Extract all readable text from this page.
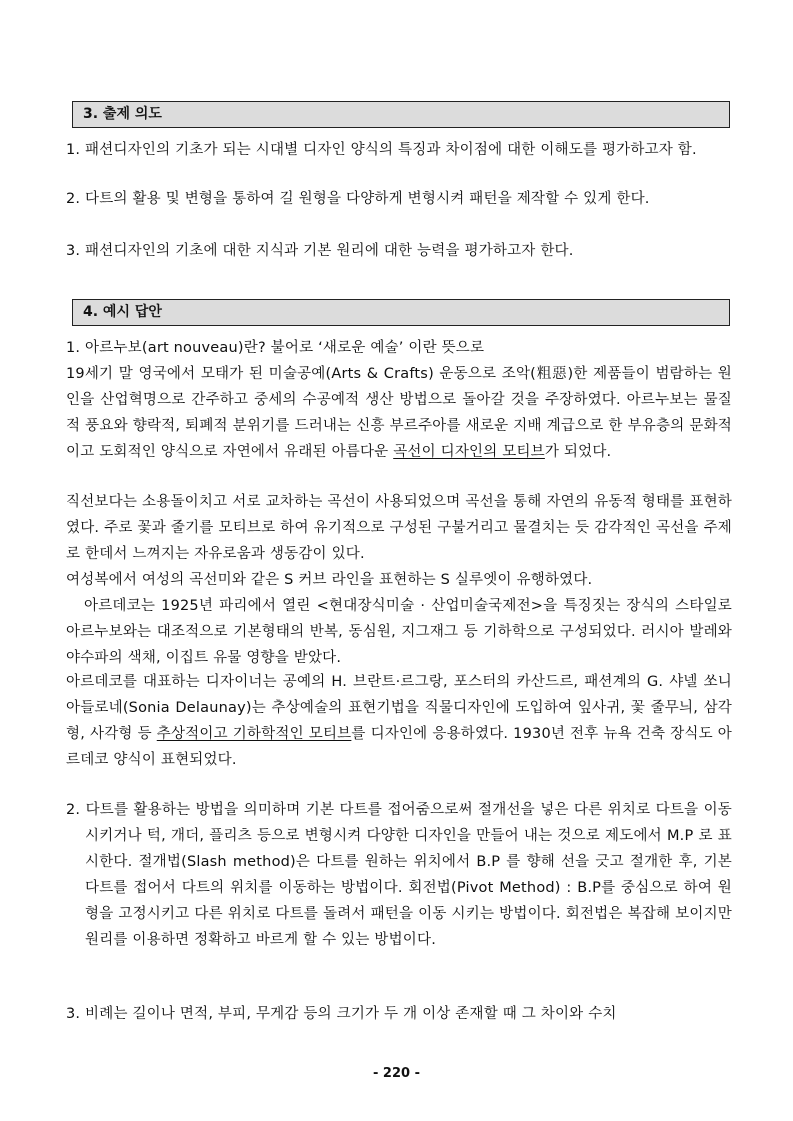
3. 출제 의도
1. 패션디자인의 기초가 되는 시대별 디자인 양식의 특징과 차이점에 대한 이해도를 평가하고자 함.
2. 다트의 활용 및 변형을 통하여 길 원형을 다양하게 변형시켜 패턴을 제작할 수 있게 한다.
3. 패션디자인의 기초에 대한 지식과 기본 원리에 대한 능력을 평가하고자 한다.
4. 예시 답안
1. 아르누보(art nouveau)란? 불어로 ‘새로운 예술’ 이란 뜻으로
19세기 말 영국에서 모태가 된 미술공예(Arts & Crafts) 운동으로 조악(粗惡)한 제품들이 범람하는 원인을 산업혁명으로 간주하고 중세의 수공예적 생산 방법으로 돌아갈 것을 주장하였다. 아르누보는 물질적 풍요와 향락적, 퇴폐적 분위기를 드러내는 신흥 부르주아를 새로운 지배 계급으로 한 부유층의 문화적이고 도회적인 양식으로 자연에서 유래된 아름다운 곡선이 디자인의 모티브가 되었다.
직선보다는 소용돌이치고 서로 교차하는 곡선이 사용되었으며 곡선을 통해 자연의 유동적 형태를 표현하였다. 주로 꽃과 줄기를 모티브로 하여 유기적으로 구성된 구불거리고 물결치는 듯 감각적인 곡선을 주제로 한데서 느껴지는 자유로움과 생동감이 있다.
여성복에서 여성의 곡선미와 같은 S 커브 라인을 표현하는 S 실루엣이 유행하였다.
아르데코는 1925년 파리에서 열린 <현대장식미술 · 산업미술국제전>을 특징짓는 장식의 스타일로 아르누보와는 대조적으로 기본형태의 반복, 동심원, 지그재그 등 기하학으로 구성되었다. 러시아 발레와 야수파의 색채, 이집트 유물 영향을 받았다.
아르데코를 대표하는 디자이너는 공예의 H. 브란트·르그랑, 포스터의 카산드르, 패션계의 G. 샤넬 쏘니아들로네(Sonia Delaunay)는 추상예술의 표현기법을 직물디자인에 도입하여 잎사귀, 꽃 줄무늬, 삼각형, 사각형 등 추상적이고 기하학적인 모티브를 디자인에 응용하였다. 1930년 전후 뉴욕 건축 장식도 아르데코 양식이 표현되었다.
2. 다트를 활용하는 방법을 의미하며 기본 다트를 접어줌으로써 절개선을 넣은 다른 위치로 다트을 이동시키거나 턱, 개더, 플리츠 등으로 변형시켜 다양한 디자인을 만들어 내는 것으로 제도에서 M.P 로 표시한다. 절개법(Slash method)은 다트를 원하는 위치에서 B.P 를 향해 선을 긋고 절개한 후, 기본 다트를 접어서 다트의 위치를 이동하는 방법이다. 회전법(Pivot Method) : B.P를 중심으로 하여 원형을 고정시키고 다른 위치로 다트를 돌려서 패턴을 이동 시키는 방법이다. 회전법은 복잡해 보이지만 원리를 이용하면 정확하고 바르게 할 수 있는 방법이다.
3. 비례는 길이나 면적, 부피, 무게감 등의 크기가 두 개 이상 존재할 때 그 차이와 수치
- 220 -
